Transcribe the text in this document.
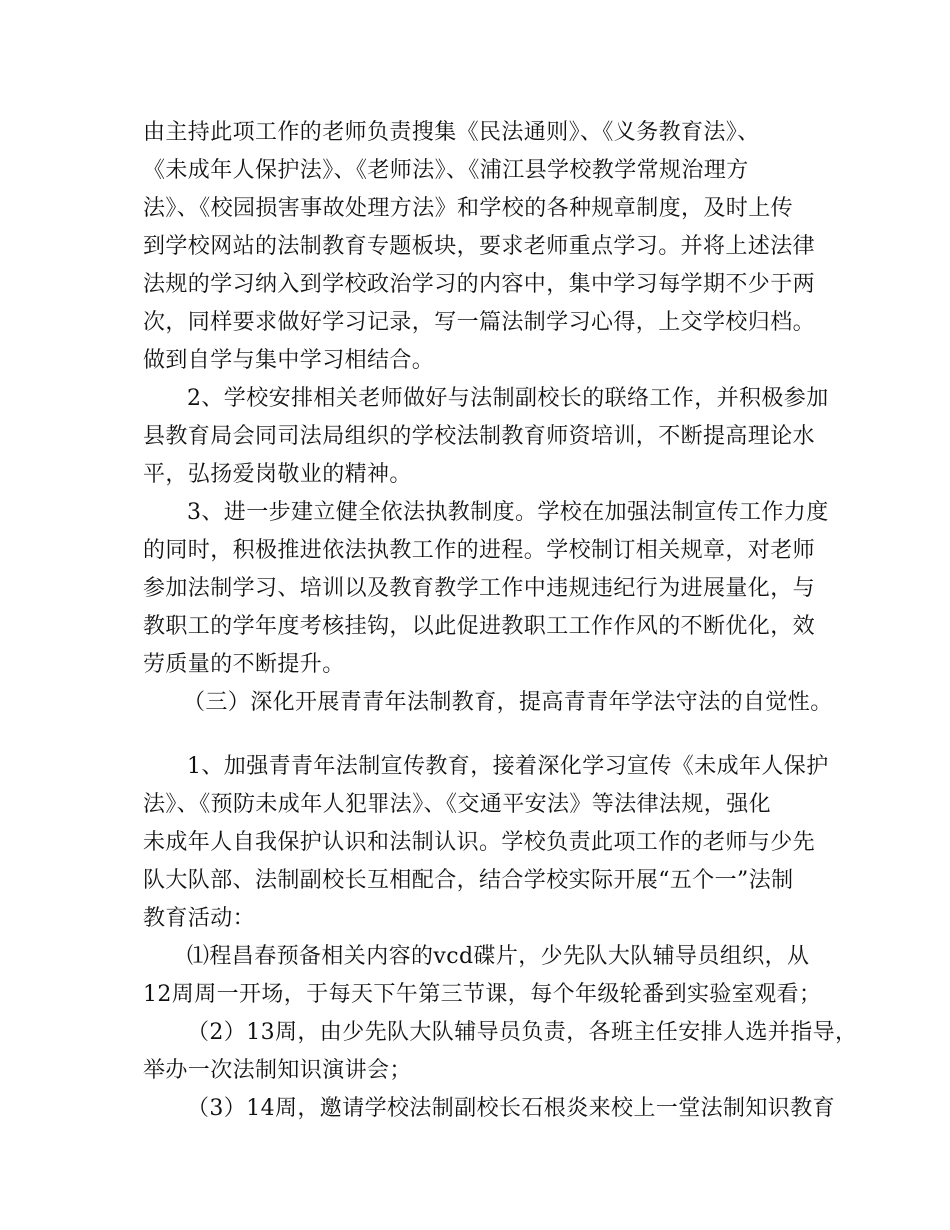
由主持此项工作的老师负责搜集《民法通则》、《义务教育法》、
《未成年人保护法》、《老师法》、《浦江县学校教学常规治理方
法》、《校园损害事故处理方法》和学校的各种规章制度，及时上传
到学校网站的法制教育专题板块，要求老师重点学习。并将上述法律
法规的学习纳入到学校政治学习的内容中，集中学习每学期不少于两
次，同样要求做好学习记录，写一篇法制学习心得，上交学校归档。
做到自学与集中学习相结合。
2、学校安排相关老师做好与法制副校长的联络工作，并积极参加
县教育局会同司法局组织的学校法制教育师资培训，不断提高理论水
平，弘扬爱岗敬业的精神。
3、进一步建立健全依法执教制度。学校在加强法制宣传工作力度
的同时，积极推进依法执教工作的进程。学校制订相关规章，对老师
参加法制学习、培训以及教育教学工作中违规违纪行为进展量化，与
教职工的学年度考核挂钩，以此促进教职工工作作风的不断优化，效
劳质量的不断提升。
（三）深化开展青青年法制教育，提高青青年学法守法的自觉性。
1、加强青青年法制宣传教育，接着深化学习宣传《未成年人保护
法》、《预防未成年人犯罪法》、《交通平安法》等法律法规，强化
未成年人自我保护认识和法制认识。学校负责此项工作的老师与少先
队大队部、法制副校长互相配合，结合学校实际开展“五个一”法制
教育活动：
⑴程昌春预备相关内容的vcd碟片，少先队大队辅导员组织，从
12周周一开场，于每天下午第三节课，每个年级轮番到实验室观看；
（2）13周，由少先队大队辅导员负责，各班主任安排人选并指导，
举办一次法制知识演讲会；
（3）14周，邀请学校法制副校长石根炎来校上一堂法制知识教育
